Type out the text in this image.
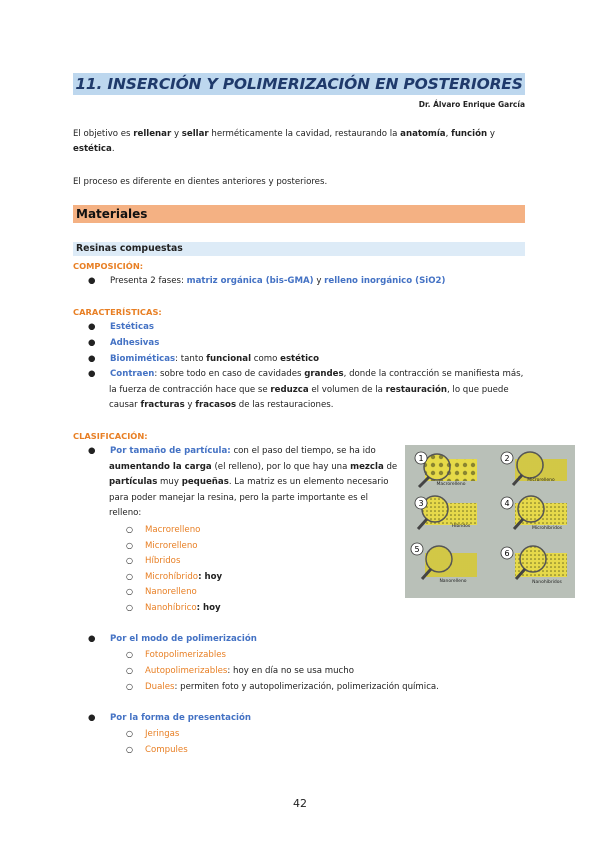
11. INSERCIÓN Y POLIMERIZACIÓN EN POSTERIORES
Dr. Álvaro Enrique García
El objetivo es rellenar y sellar herméticamente la cavidad, restaurando la anatomía, función y
estética.
El proceso es diferente en dientes anteriores y posteriores.
Materiales
Resinas compuestas
COMPOSICIÓN:
● Presenta 2 fases: matriz orgánica (bis-GMA) y relleno inorgánico (SiO2)
CARACTERÍSTICAS:
● Estéticas
● Adhesivas
● Biomiméticas: tanto funcional como estético
● Contraen: sobre todo en caso de cavidades grandes, donde la contracción se manifiesta más,
la fuerza de contracción hace que se reduzca el volumen de la restauración, lo que puede
causar fracturas y fracasos de las restauraciones.
CLASIFICACIÓN:
● Por tamaño de partícula: con el paso del tiempo, se ha ido
aumentando la carga (el relleno), por lo que hay una mezcla de
partículas muy pequeñas. La matriz es un elemento necesario
para poder manejar la resina, pero la parte importante es el
relleno:
○ Macrorelleno
○ Microrelleno
○ Híbridos
○ Microhíbrido: hoy
○ Nanorelleno
○ Nanohíbrico: hoy
● Por el modo de polimerización
○ Fotopolimerizables
○ Autopolimerizables: hoy en día no se usa mucho
○ Duales: permiten foto y autopolimerización, polimerización química.
● Por la forma de presentación
○ Jeringas
○ Compules
1
Macrorelleno
2
Microrelleno
3
Híbridos
4
Microhíbridos
5
Nanorelleno
6
Nanohíbridos
42
